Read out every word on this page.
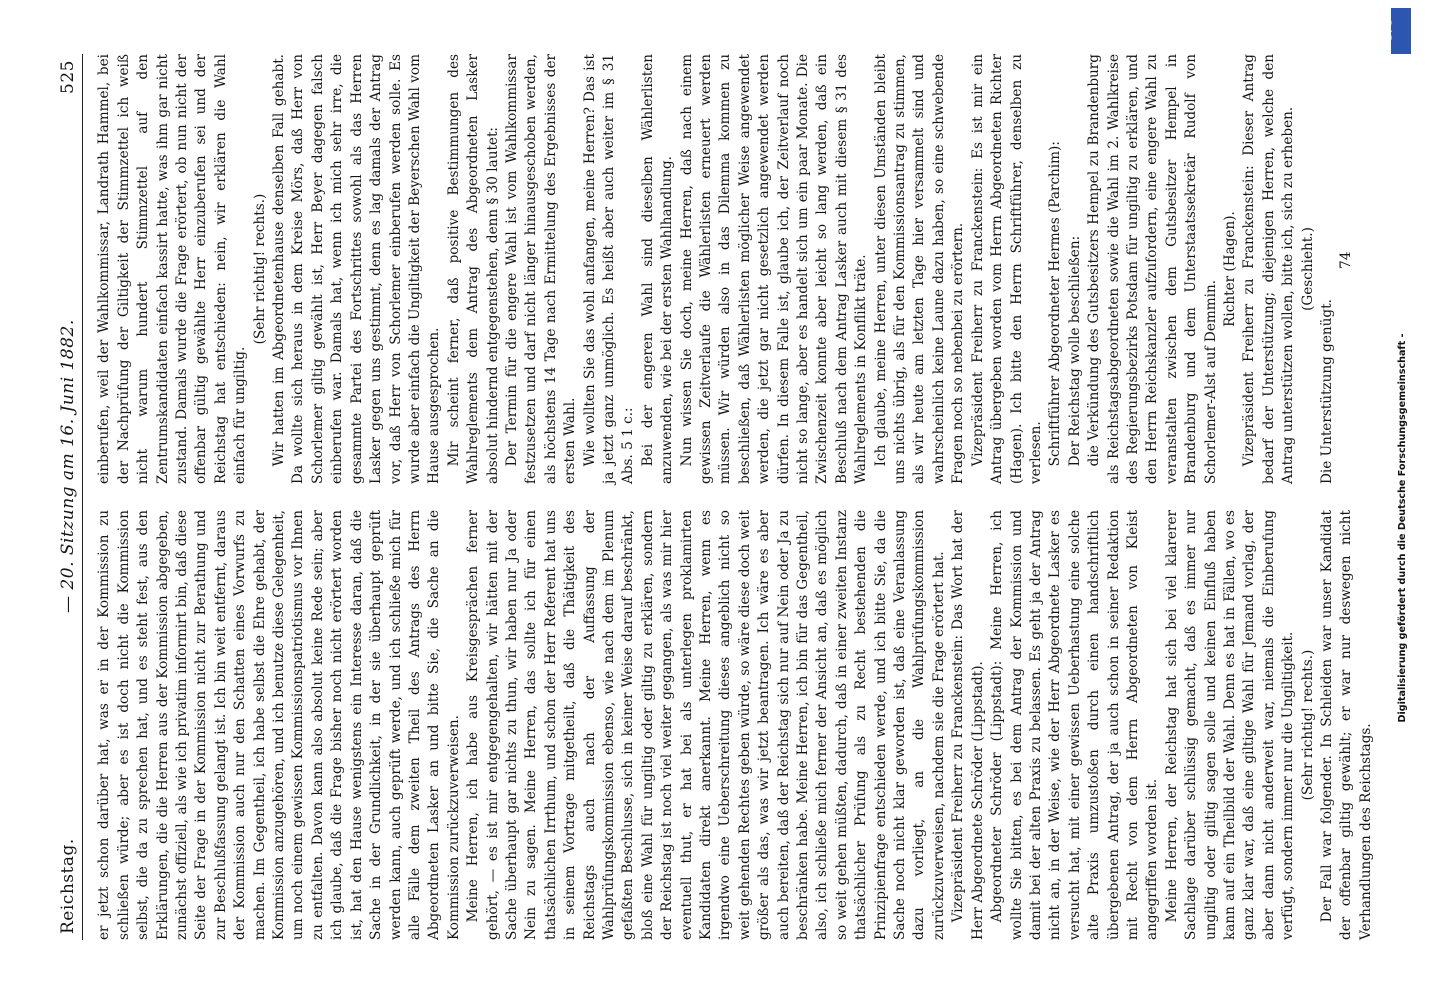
Reichstag.
— 20. Sitzung am 16. Juni 1882.
525

er jetzt schon darüber hat, was er in der Kommission zu schließen würde; aber es ist doch nicht die Kommission selbst, die da zu sprechen hat, und es steht fest, aus den Erklärungen, die die Herren aus der Kommission abgegeben, zunächst offiziell, als wie ich privatim informirt bin, daß diese Seite der Frage in der Kommission nicht zur Berathung und zur Beschlußfassung gelangt ist. Ich bin weit entfernt, daraus der Kommission auch nur den Schatten eines Vorwurfs zu machen. Im Gegentheil, ich habe selbst die Ehre gehabt, der Kommission anzugehören, und ich benutze diese Gelegenheit, um noch einem gewissen Kommissionspatriotismus vor Ihnen zu entfalten. Davon kann also absolut keine Rede sein; aber ich glaube, daß die Frage bisher noch nicht erörtert worden ist, hat den Hause wenigstens ein Interesse daran, daß die Sache in der Grundlichkeit, in der sie überhaupt geprüft werden kann, auch geprüft werde, und ich schließe mich für alle Fälle dem zweiten Theil des Antrags des Herrn Abgeordneten Lasker an und bitte Sie, die Sache an die Kommission zurückzuverweisen. Meine Herren, ich habe aus Kreisgesprächen ferner gehört, — es ist mir entgegengehalten, wir hätten mit der Sache überhaupt gar nichts zu thun, wir haben nur Ja oder Nein zu sagen. Meine Herren, das sollte ich für einen thatsächlichen Irrthum, und schon der Herr Referent hat uns in seinem Vortrage mitgetheilt, daß die Thätigkeit des Reichstags auch nach der Auffassung der Wahlprüfungskommission ebenso, wie nach dem im Plenum gefaßten Beschlusse, sich in keiner Weise darauf beschränkt, bloß eine Wahl für ungiltig oder giltig zu erklären, sondern der Reichstag ist noch viel weiter gegangen, als was mir hier eventuell thut, er hat bei als unterlegen proklamirten Kandidaten direkt anerkannt. Meine Herren, wenn es irgendwo eine Ueberschreitung dieses angeblich nicht so weit gehenden Rechtes geben würde, so wäre diese doch weit größer als das, was wir jetzt beantragen. Ich wäre es aber auch bereiten, daß der Reichstag sich nur auf Nein oder Ja zu beschränken habe. Meine Herren, ich bin für das Gegentheil, also, ich schließe mich ferner der Ansicht an, daß es möglich so weit gehen müßten, dadurch, daß in einer zweiten Instanz thatsächlicher Prüfung als zu Recht bestehenden die Prinzipienfrage entschieden werde, und ich bitte Sie, da die Sache noch nicht klar geworden ist, daß eine Veranlassung dazu vorliegt, an die Wahlprüfungskommission zurückzuverweisen, nachdem sie die Frage erörtert hat. Vizepräsident Freiherr zu Franckenstein: Das Wort hat der Herr Abgeordnete Schröder (Lippstadt). Abgeordneter Schröder (Lippstadt): Meine Herren, ich wollte Sie bitten, es bei dem Antrag der Kommission und damit bei der alten Praxis zu belassen. Es geht ja der Antrag nicht an, in der Weise, wie der Herr Abgeordnete Lasker es versucht hat, mit einer gewissen Ueberhastung eine solche alte Praxis umzustoßen durch einen handschriftlich übergebenen Antrag, der ja auch schon in seiner Redaktion mit Recht von dem Herrn Abgeordneten von Kleist angegriffen worden ist. Meine Herren, der Reichstag hat sich bei viel klarerer Sachlage darüber schlüssig gemacht, daß es immer nur ungiltig oder giltig sagen solle und keinen Einfluß haben kann auf ein Theilbild der Wahl. Denn es hat in Fällen, wo es ganz klar war, daß eine giltige Wahl für Jemand vorlag, der aber dann nicht anderweit war, niemals die Einberufung verfügt, sondern immer nur die Ungiltigkeit. (Sehr richtig! rechts.) Der Fall war folgender. In Schleiden war unser Kandidat der offenbar giltig gewählt; er war nur deswegen nicht Verhandlungen des Reichstags.

einberufen, weil der Wahlkommissar, Landrath Hammel, bei der Nachprüfung der Giltigkeit der Stimmzettel ich weiß nicht warum hundert Stimmzettel auf den Zentrumskandidaten einfach kassirt hatte, was ihm gar nicht zustand. Damals wurde die Frage erörtert, ob nun nicht der offenbar gültig gewählte Herr einzuberufen sei und der Reichstag hat entschieden: nein, wir erklären die Wahl einfach für ungiltig.

(Sehr richtig! rechts.) Wir hatten im Abgeordnetenhause denselben Fall gehabt. Da wollte sich heraus in dem Kreise Mörs, daß Herr von Schorlemer giltig gewählt ist, Herr Beyer dagegen falsch einberufen war. Damals hat, wenn ich mich sehr irre, die gesammte Partei des Fortschrittes sowohl als das Herren Lasker gegen uns gestimmt, denn es lag damals der Antrag vor, daß Herr von Schorlemer einberufen werden solle. Es wurde aber einfach die Ungiltigkeit der Beyerschen Wahl vom Hause ausgesprochen. Mir scheint ferner, daß positive Bestimmungen des Wahlreglements dem Antrag des Abgeordneten Lasker absolut hindernd entgegenstehen, denn § 30 lautet: Der Termin für die engere Wahl ist vom Wahlkommissar festzusetzen und darf nicht länger hinausgeschoben werden, als höchstens 14 Tage nach Ermittelung des Ergebnisses der ersten Wahl. Wie wollten Sie das wohl anfangen, meine Herren? Das ist ja jetzt ganz unmöglich. Es heißt aber auch weiter im § 31 Abs. 5 1 c.: Bei der engeren Wahl sind dieselben Wählerlisten anzuwenden, wie bei der ersten Wahlhandlung. Nun wissen Sie doch, meine Herren, daß nach einem gewissen Zeitverlaufe die Wählerlisten erneuert werden müssen. Wir würden also in das Dilemma kommen zu beschließen, daß Wählerlisten möglicher Weise angewendet werden, die jetzt gar nicht gesetzlich angewendet werden dürfen. In diesem Falle ist, glaube ich, der Zeitverlauf noch nicht so lange, aber es handelt sich um ein paar Monate. Die Zwischenzeit konnte aber leicht so lang werden, daß ein Beschluß nach dem Antrag Lasker auch mit diesem § 31 des Wahlreglements in Konflikt träte. Ich glaube, meine Herren, unter diesen Umständen bleibt uns nichts übrig, als für den Kommissionsantrag zu stimmen, als wir heute am letzten Tage hier versammelt sind und wahrscheinlich keine Laune dazu haben, so eine schwebende Fragen noch so nebenbei zu erörtern. Vizepräsident Freiherr zu Franckenstein: Es ist mir ein Antrag übergeben worden vom Herrn Abgeordneten Richter (Hagen). Ich bitte den Herrn Schriftführer, denselben zu verlesen. Schriftführer Abgeordneter Hermes (Parchim): Der Reichstag wolle beschließen: die Verkündung des Gutsbesitzers Hempel zu Brandenburg als Reichstagsabgeordneten sowie die Wahl im 2. Wahlkreise des Regierungsbezirks Potsdam für ungiltig zu erklären, und den Herrn Reichskanzler aufzufordern, eine engere Wahl zu veranstalten zwischen dem Gutsbesitzer Hempel in Brandenburg und dem Unterstaatssekretär Rudolf von Schorlemer-Alst auf Demmin.

Richter (Hagen). Vizepräsident Freiherr zu Franckenstein: Dieser Antrag bedarf der Unterstützung; diejenigen Herren, welche den Antrag unterstützen wollen, bitte ich, sich zu erheben. (Geschieht.)

Die Unterstützung genügt.

74

DFG
Digitalisierung gefördert durch die Deutsche Forschungsgemeinschaft -
